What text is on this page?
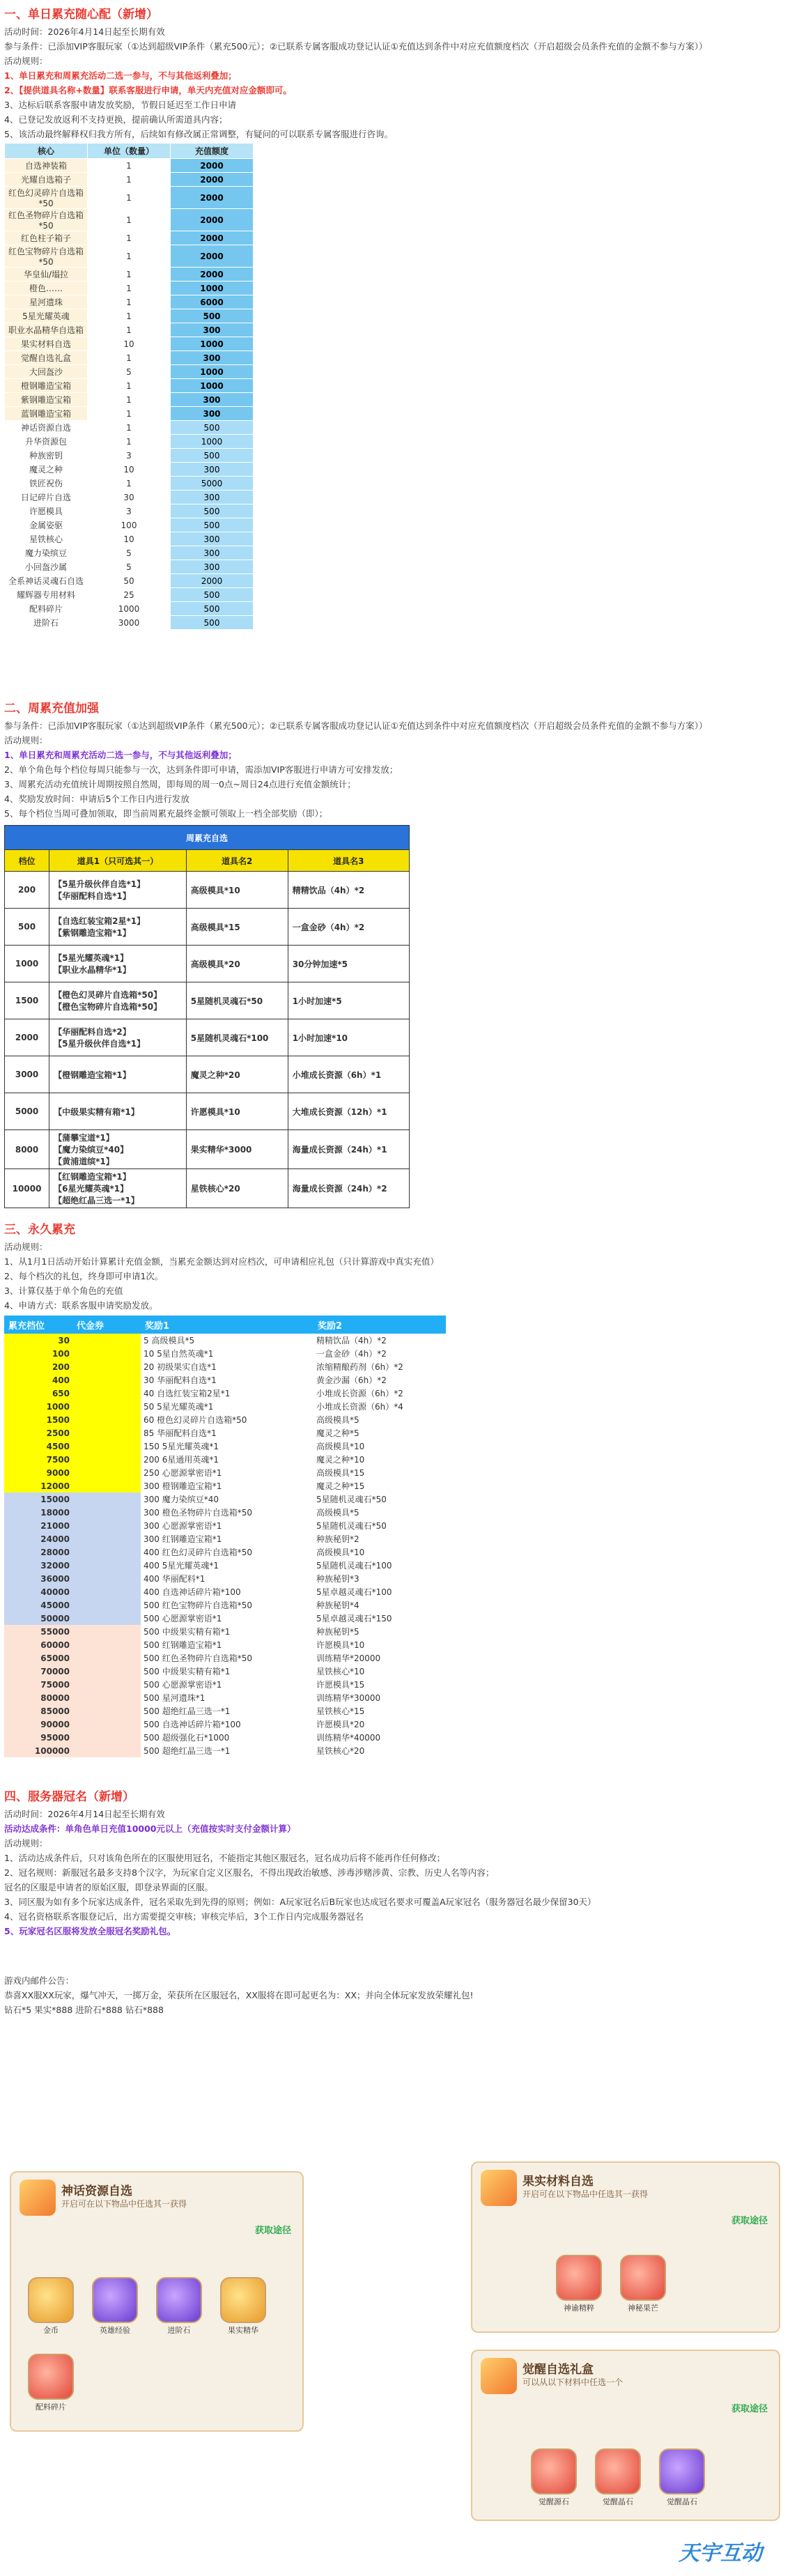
一、单日累充随心配（新增）
活动时间：2026年4月14日起至长期有效
参与条件：已添加VIP客服玩家（①达到超级VIP条件（累充500元）；②已联系专属客服成功登记认证①充值达到条件中对应充值额度档次（开启超级会员条件充值的金额不参与方案））
活动规则：
1、单日累充和周累充活动二选一参与，不与其他返利叠加；
2、【提供道具名称+数量】联系客服进行申请，单天内充值对应金额即可。
3、达标后联系客服申请发放奖励，节假日延迟至工作日申请
4、已登记发放返利不支持更换，提前确认所需道具内容；
5、该活动最终解释权归我方所有，后续如有修改属正常调整，有疑问的可以联系专属客服进行咨询。
核心	单位（数量）	充值额度
自选神装箱	1	2000
光耀自选箱子	1	2000
红色幻灵碎片自选箱*50	1	2000
红色圣物碎片自选箱*50	1	2000
红色柱子箱子	1	2000
红色宝物碎片自选箱*50	1	2000
华皇仙/塌拉	1	2000
橙色……	1	1000
星河遗珠	1	6000
5星光耀英魂	1	500
职业水晶精华自选箱	1	300
果实材料自选	10	1000
觉醒自选礼盒	1	300
大回盔沙	5	1000
橙钢雕造宝箱	1	1000
紫钢雕造宝箱	1	300
蓝钢雕造宝箱	1	300
神话资源自选	1	500
升华资源包	1	1000
种族密钥	3	500
魔灵之种	10	300
铁匠祝伤	1	5000
日记碎片自选	30	300
许愿模具	3	500
金属姿驱	100	500
星铁核心	10	300
魔力染缤豆	5	300
小回盔沙属	5	300
全系神话灵魂石自选	50	2000
耀辉器专用材料	25	500
配料碎片	1000	500
进阶石	3000	500
二、周累充值加强
参与条件：已添加VIP客服玩家（①达到超级VIP条件（累充500元）；②已联系专属客服成功登记认证①充值达到条件中对应充值额度档次（开启超级会员条件充值的金额不参与方案））
活动规则：
1、单日累充和周累充活动二选一参与，不与其他返利叠加；
2、单个角色每个档位每周只能参与一次，达到条件即可申请，需添加VIP客服进行申请方可安排发放；
3、周累充活动充值统计周期按照自然周，即每周的周一0点~周日24点进行充值金额统计；
4、奖励发放时间：申请后5个工作日内进行发放
5、每个档位当周可叠加领取，即当前周累充最终金额可领取上一档全部奖励（即）；
周累充自选			
档位	道具1（只可选其一）	道具名2	道具名3
200	【5星升级伙伴自选*1】
【华丽配料自选*1】	高级模具*10	精精饮品（4h）*2
500	【自选红装宝箱2星*1】
【紫钢雕造宝箱*1】	高级模具*15	一盒金砂（4h）*2
1000	【5星光耀英魂*1】
【职业水晶精华*1】	高级模具*20	30分钟加速*5
1500	【橙色幻灵碎片自选箱*50】
【橙色宝物碎片自选箱*50】	5星随机灵魂石*50	1小时加速*5
2000	【华丽配料自选*2】
【5星升级伙伴自选*1】	5星随机灵魂石*100	1小时加速*10
3000	【橙钢雕造宝箱*1】	魔灵之种*20	小堆成长资源（6h）*1
5000	【中级果实精有箱*1】	许愿模具*10	大堆成长资源（12h）*1
8000	【蒲攀宝道*1】
【魔力染缤豆*40】
【黄浦道缤*1】	果实精华*3000	海量成长资源（24h）*1
10000	【红钢雕造宝箱*1】
【6星光耀英魂*1】
【超绝红晶三选一*1】	星铁核心*20	海量成长资源（24h）*2
三、永久累充
活动规则：
1、从1月1日活动开始计算累计充值金额，当累充金额达到对应档次，可申请相应礼包（只计算游戏中真实充值）
2、每个档次的礼包，终身即可申请1次。
3、计算仅基于单个角色的充值
4、申请方式：联系客服申请奖励发放。
累充档位	代金券	奖励1	奖励2
30		5 高级模具*5	精精饮品（4h）*2
100		10 5星自然英魂*1	一盒金砂（4h）*2
200		20 初级果实自选*1	浓缩精酿药剂（6h）*2
400		30 华丽配料自选*1	黄金沙漏（6h）*2
650		40 自选红装宝箱2星*1	小堆成长资源（6h）*2
1000		50 5星光耀英魂*1	小堆成长资源（6h）*4
1500		60 橙色幻灵碎片自选箱*50	高级模具*5
2500		85 华丽配料自选*1	魔灵之种*5
4500		150 5星光耀英魂*1	高级模具*10
7500		200 6星通用英魂*1	魔灵之种*10
9000		250 心愿源掌密语*1	高级模具*15
12000		300 橙钢雕造宝箱*1	魔灵之种*15
15000		300 魔力染缤豆*40	5星随机灵魂石*50
18000		300 橙色圣物碎片自选箱*50	高级模具*5
21000		300 心愿源掌密语*1	5星随机灵魂石*50
24000		300 红钢雕造宝箱*1	种族秘钥*2
28000		400 红色幻灵碎片自选箱*50	高级模具*10
32000		400 5星光耀英魂*1	5星随机灵魂石*100
36000		400 华丽配料*1	种族秘钥*3
40000		400 自选神话碎片箱*100	5星卓越灵魂石*100
45000		500 红色宝物碎片自选箱*50	种族秘钥*4
50000		500 心愿源掌密语*1	5星卓越灵魂石*150
55000		500 中级果实精有箱*1	种族秘钥*5
60000		500 红钢雕造宝箱*1	许愿模具*10
65000		500 红色圣物碎片自选箱*50	训练精华*20000
70000		500 中级果实精有箱*1	星铁核心*10
75000		500 心愿源掌密语*1	许愿模具*15
80000		500 星河遗珠*1	训练精华*30000
85000		500 超绝红晶三选一*1	星铁核心*15
90000		500 自选神话碎片箱*100	许愿模具*20
95000		500 超级强化石*1000	训练精华*40000
100000		500 超绝红晶三选一*1	星铁核心*20
四、服务器冠名（新增）
活动时间：2026年4月14日起至长期有效
活动达成条件：单角色单日充值10000元以上（充值按实时支付金额计算）
活动规则：
1、活动达成条件后，只对该角色所在的区服使用冠名，不能指定其他区服冠名，冠名成功后将不能再作任何修改；
2、冠名规则：新服冠名最多支持8个汉字，为玩家自定义区服名，不得出现政治敏感、涉毒涉赌涉黄、宗教、历史人名等内容；
冠名的区服是申请者的原始区服，即登录界面的区服。
3、同区服为如有多个玩家达成条件，冠名采取先到先得的原则；例如：A玩家冠名后B玩家也达成冠名要求可覆盖A玩家冠名（服务器冠名最少保留30天）
4、冠名资格联系客服登记后，出方需要提交审核；审核完毕后，3个工作日内完成服务器冠名
5、玩家冠名区服将发放全服冠名奖励礼包。
游戏内邮件公告：
恭喜XX服XX玩家，爆气冲天，一掷万金，荣获所在区服冠名，XX服将在即可起更名为：XX；并向全体玩家发放荣耀礼包!
钻石*5 果实*888 进阶石*888 钻石*888
神话资源自选
开启可在以下物品中任选其一获得
获取途径
金币	英雄经验	进阶石	果实精华
配料碎片
果实材料自选
开启可在以下物品中任选其一获得
获取途径
神谕精粹	神秘果芒
觉醒自选礼盒
可以从以下材料中任选一个
获取途径
觉醒源石	觉醒晶石	觉醒晶石
天宇互动
